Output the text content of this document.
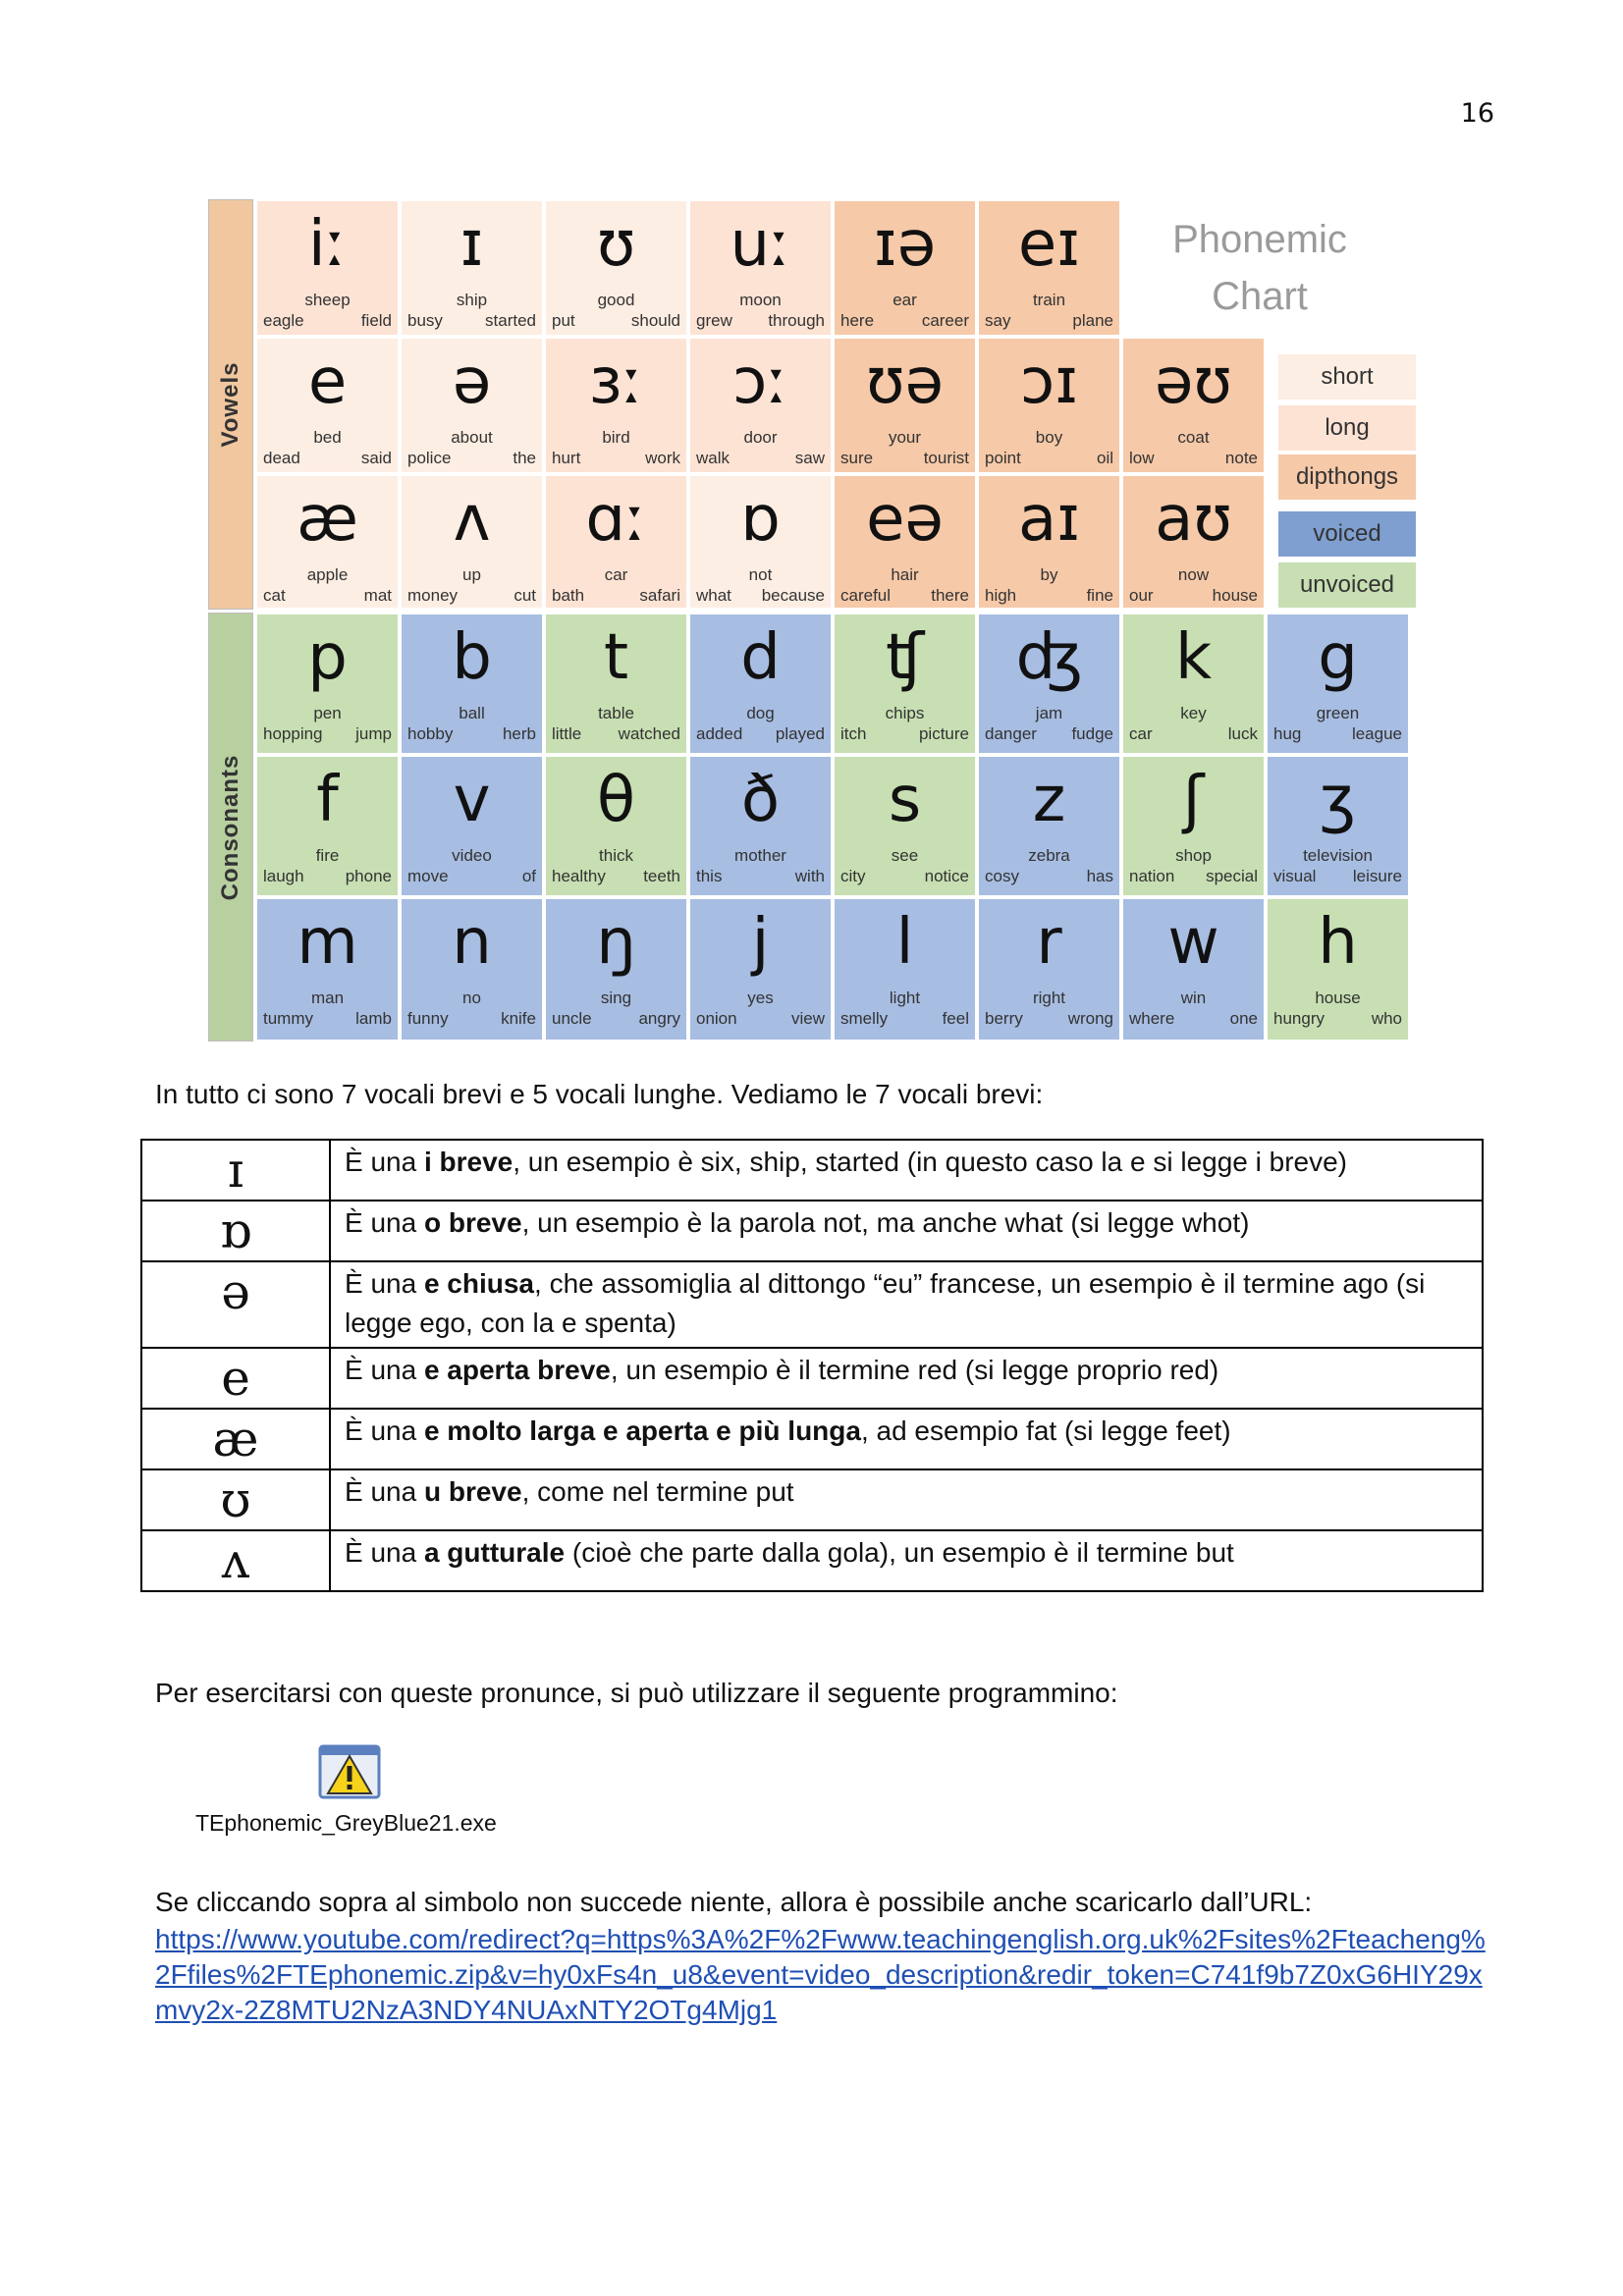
16
Vowels
Consonants
iː
sheep
eagle	field
ɪ
ship
busy	started
ʊ
good
put	should
uː
moon
grew through
ɪə
ear
here	career
eɪ
train
say	plane
e
bed
dead	said
ə
about
police	the
ɜː
bird
hurt	work
ɔː
door
walk	saw
ʊə
your
sure	tourist
ɔɪ
boy
point	oil
əʊ
coat
low	note
æ
apple
cat	mat
ʌ
up
money	cut
ɑː
car
bath	safari
ɒ
not
what because
eə
hair
careful there
aɪ
by
high	fine
aʊ
now
our	house
p
pen
hopping jump
b
ball
hobby	herb
t
table
little watched
d
dog
added played
ʧ
chips
itch	picture
ʤ
jam
danger fudge
k
key
car	luck
g
green
hug	league
f
fire
laugh phone
v
video
move	of
θ
thick
healthy teeth
ð
mother
this	with
s
see
city	notice
z
zebra
cosy	has
ʃ
shop
nation special
ʒ
television
visual leisure
m
man
tummy	lamb
n
no
funny	knife
ŋ
sing
uncle	angry
j
yes
onion	view
l
light
smelly	feel
r
right
berry	wrong
w
win
where	one
h
house
hungry	who
Phonemic
Chart
short
long
dipthongs
voiced
unvoiced
In tutto ci sono 7 vocali brevi e 5 vocali lunghe. Vediamo le 7 vocali brevi:
ɪ	È una i breve, un esempio è six, ship, started (in questo caso la e si legge i breve)
ɒ	È una o breve, un esempio è la parola not, ma anche what (si legge whot)
ə	È una e chiusa, che assomiglia al dittongo “eu” francese, un esempio è il termine ago (si legge ego, con la e spenta)
e	È una e aperta breve, un esempio è il termine red (si legge proprio red)
æ	È una e molto larga e aperta e più lunga, ad esempio fat (si legge feet)
ʊ	È una u breve, come nel termine put
ʌ	È una a gutturale (cioè che parte dalla gola), un esempio è il termine but
Per esercitarsi con queste pronunce, si può utilizzare il seguente programmino:
TEphonemic_GreyBlue21.exe
Se cliccando sopra al simbolo non succede niente, allora è possibile anche scaricarlo dall’URL:
https://www.youtube.com/redirect?q=https%3A%2F%2Fwww.teachingenglish.org.uk%2Fsites%2Fteacheng%2Ffiles%2FTEphonemic.zip&v=hy0xFs4n_u8&event=video_description&redir_token=C741f9b7Z0xG6HIY29xmvy2x-2Z8MTU2NzA3NDY4NUAxNTY2OTg4Mjg1
